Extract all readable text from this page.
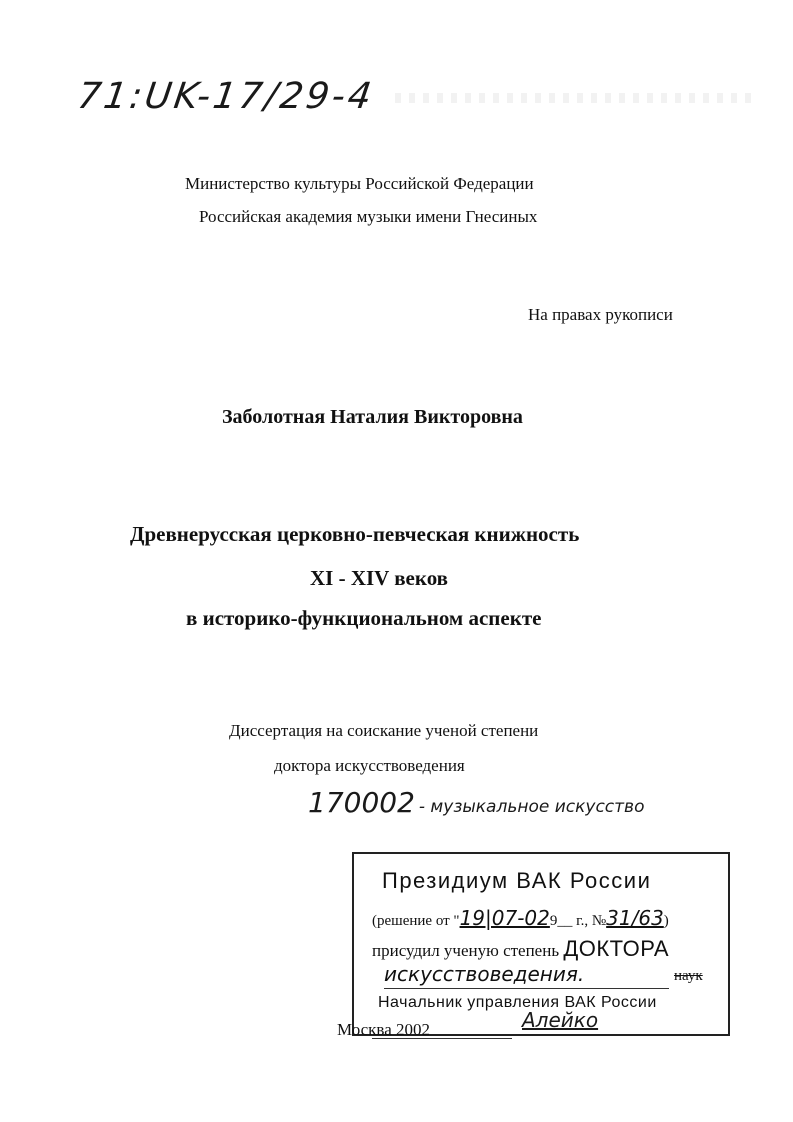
71:UK-17/29-4
Министерство культуры Российской Федерации
Российская академия музыки имени Гнесиных
На правах рукописи
Заболотная Наталия Викторовна
Древнерусская церковно-певческая книжность
XI - XIV веков
в историко-функциональном аспекте
Диссертация на соискание ученой степени
доктора искусствоведения
170002 - музыкальное искусство
Президиум ВАК России
(решение от "19|07-029__ г., №31/63)
присудил ученую степень ДОКТОРА
искусствоведения.	наук
Начальник управления ВАК России
Москва 2002	Алейко
